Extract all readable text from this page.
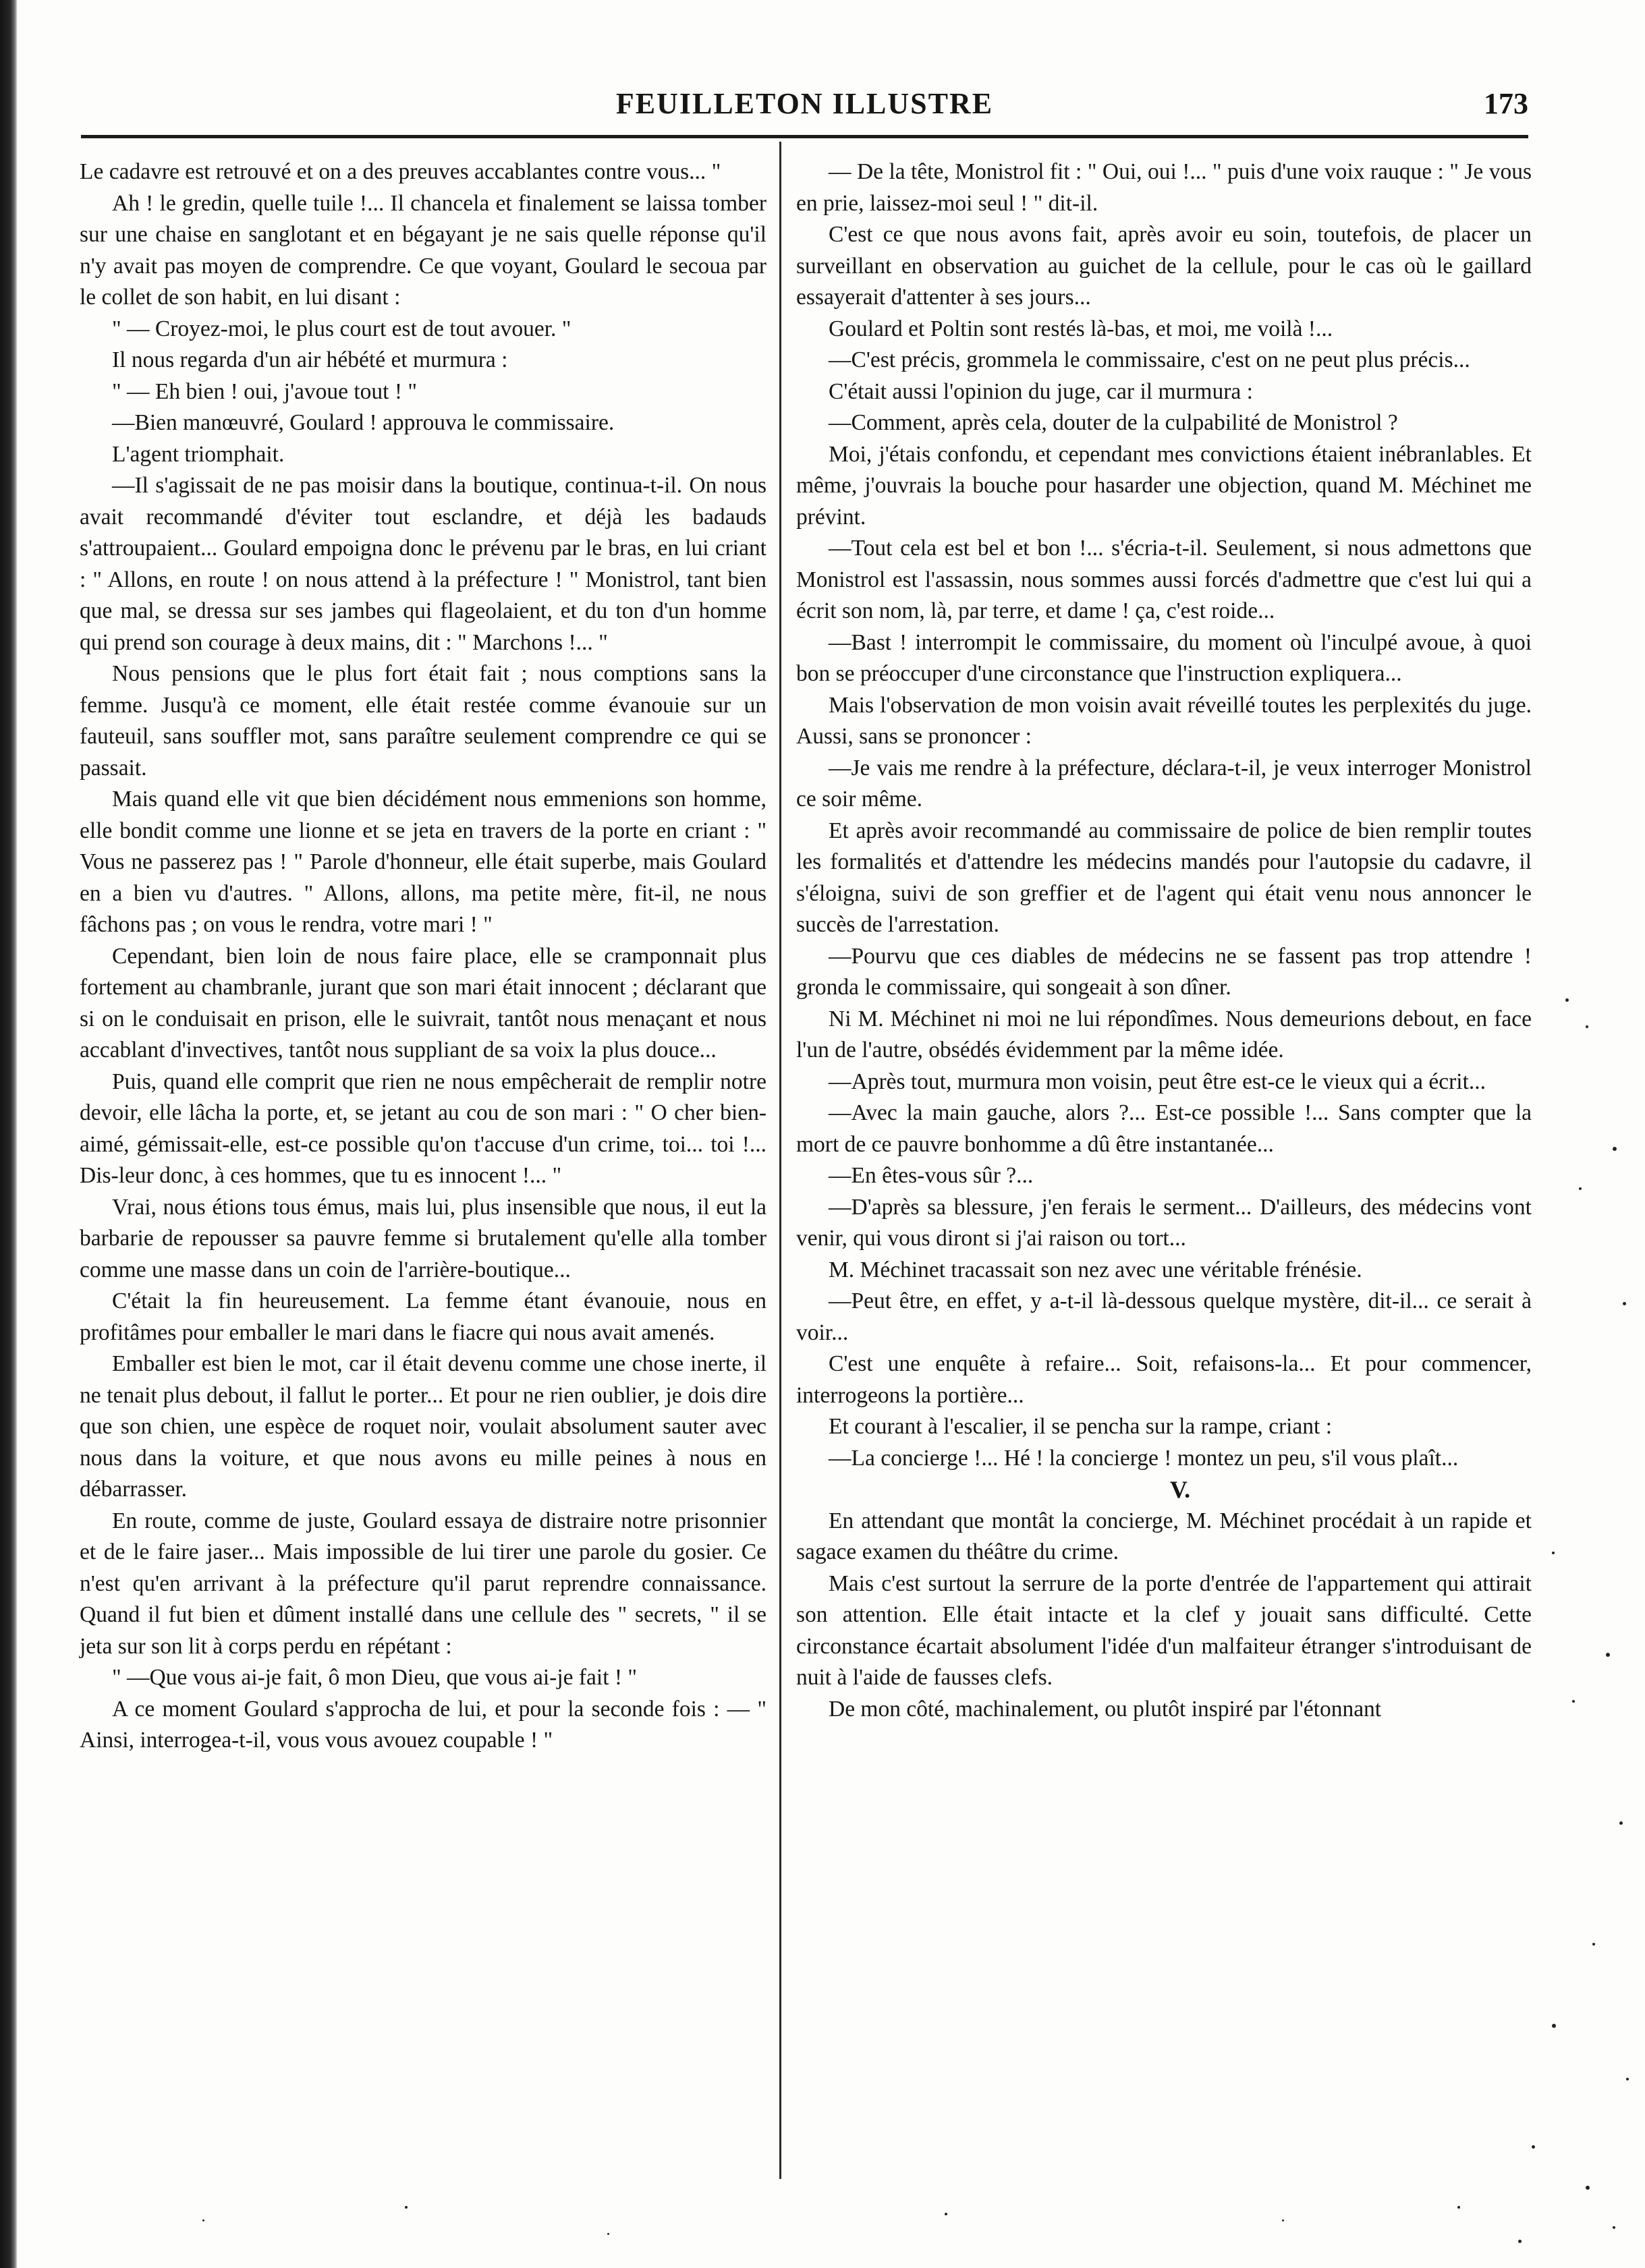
FEUILLETON ILLUSTRE	173

Le cadavre est retrouvé et on a des preuves accablantes contre vous... "

Ah ! le gredin, quelle tuile !... Il chancela et finalement se laissa tomber sur une chaise en sanglotant et en bégayant je ne sais quelle réponse qu'il n'y avait pas moyen de comprendre. Ce que voyant, Goulard le secoua par le collet de son habit, en lui disant :

" — Croyez-moi, le plus court est de tout avouer. "

Il nous regarda d'un air hébété et murmura :

" — Eh bien ! oui, j'avoue tout ! "

—Bien manœuvré, Goulard ! approuva le commissaire.

L'agent triomphait.

—Il s'agissait de ne pas moisir dans la boutique, continua-t-il. On nous avait recommandé d'éviter tout esclandre, et déjà les badauds s'attroupaient... Goulard empoigna donc le prévenu par le bras, en lui criant : " Allons, en route ! on nous attend à la préfecture ! " Monistrol, tant bien que mal, se dressa sur ses jambes qui flageolaient, et du ton d'un homme qui prend son courage à deux mains, dit : " Marchons !... "

Nous pensions que le plus fort était fait ; nous comptions sans la femme. Jusqu'à ce moment, elle était restée comme évanouie sur un fauteuil, sans souffler mot, sans paraître seulement comprendre ce qui se passait.

Mais quand elle vit que bien décidément nous emmenions son homme, elle bondit comme une lionne et se jeta en travers de la porte en criant : " Vous ne passerez pas ! " Parole d'honneur, elle était superbe, mais Goulard en a bien vu d'autres. " Allons, allons, ma petite mère, fit-il, ne nous fâchons pas ; on vous le rendra, votre mari ! "

Cependant, bien loin de nous faire place, elle se cramponnait plus fortement au chambranle, jurant que son mari était innocent ; déclarant que si on le conduisait en prison, elle le suivrait, tantôt nous menaçant et nous accablant d'invectives, tantôt nous suppliant de sa voix la plus douce...

Puis, quand elle comprit que rien ne nous empêcherait de remplir notre devoir, elle lâcha la porte, et, se jetant au cou de son mari : " O cher bien-aimé, gémissait-elle, est-ce possible qu'on t'accuse d'un crime, toi... toi !... Dis-leur donc, à ces hommes, que tu es innocent !... "

Vrai, nous étions tous émus, mais lui, plus insensible que nous, il eut la barbarie de repousser sa pauvre femme si brutalement qu'elle alla tomber comme une masse dans un coin de l'arrière-boutique...

C'était la fin heureusement. La femme étant évanouie, nous en profitâmes pour emballer le mari dans le fiacre qui nous avait amenés.

Emballer est bien le mot, car il était devenu comme une chose inerte, il ne tenait plus debout, il fallut le porter... Et pour ne rien oublier, je dois dire que son chien, une espèce de roquet noir, voulait absolument sauter avec nous dans la voiture, et que nous avons eu mille peines à nous en débarrasser.

En route, comme de juste, Goulard essaya de distraire notre prisonnier et de le faire jaser... Mais impossible de lui tirer une parole du gosier. Ce n'est qu'en arrivant à la préfecture qu'il parut reprendre connaissance. Quand il fut bien et dûment installé dans une cellule des " secrets, " il se jeta sur son lit à corps perdu en répétant :

" —Que vous ai-je fait, ô mon Dieu, que vous ai-je fait ! "

A ce moment Goulard s'approcha de lui, et pour la seconde fois : — " Ainsi, interrogea-t-il, vous vous avouez coupable ! "

— De la tête, Monistrol fit : " Oui, oui !... " puis d'une voix rauque : " Je vous en prie, laissez-moi seul ! " dit-il.

C'est ce que nous avons fait, après avoir eu soin, toutefois, de placer un surveillant en observation au guichet de la cellule, pour le cas où le gaillard essayerait d'attenter à ses jours...

Goulard et Poltin sont restés là-bas, et moi, me voilà !...

—C'est précis, grommela le commissaire, c'est on ne peut plus précis...

C'était aussi l'opinion du juge, car il murmura :

—Comment, après cela, douter de la culpabilité de Monistrol ?

Moi, j'étais confondu, et cependant mes convictions étaient inébranlables. Et même, j'ouvrais la bouche pour hasarder une objection, quand M. Méchinet me prévint.

—Tout cela est bel et bon !... s'écria-t-il. Seulement, si nous admettons que Monistrol est l'assassin, nous sommes aussi forcés d'admettre que c'est lui qui a écrit son nom, là, par terre, et dame ! ça, c'est roide...

—Bast ! interrompit le commissaire, du moment où l'inculpé avoue, à quoi bon se préoccuper d'une circonstance que l'instruction expliquera...

Mais l'observation de mon voisin avait réveillé toutes les perplexités du juge. Aussi, sans se prononcer :

—Je vais me rendre à la préfecture, déclara-t-il, je veux interroger Monistrol ce soir même.

Et après avoir recommandé au commissaire de police de bien remplir toutes les formalités et d'attendre les médecins mandés pour l'autopsie du cadavre, il s'éloigna, suivi de son greffier et de l'agent qui était venu nous annoncer le succès de l'arrestation.

—Pourvu que ces diables de médecins ne se fassent pas trop attendre ! gronda le commissaire, qui songeait à son dîner.

Ni M. Méchinet ni moi ne lui répondîmes. Nous demeurions debout, en face l'un de l'autre, obsédés évidemment par la même idée.

—Après tout, murmura mon voisin, peut être est-ce le vieux qui a écrit...

—Avec la main gauche, alors ?... Est-ce possible !... Sans compter que la mort de ce pauvre bonhomme a dû être instantanée...

—En êtes-vous sûr ?...

—D'après sa blessure, j'en ferais le serment... D'ailleurs, des médecins vont venir, qui vous diront si j'ai raison ou tort...

M. Méchinet tracassait son nez avec une véritable frénésie.

—Peut être, en effet, y a-t-il là-dessous quelque mystère, dit-il... ce serait à voir...

C'est une enquête à refaire... Soit, refaisons-la... Et pour commencer, interrogeons la portière...

Et courant à l'escalier, il se pencha sur la rampe, criant :

—La concierge !... Hé ! la concierge ! montez un peu, s'il vous plaît...

V.

En attendant que montât la concierge, M. Méchinet procédait à un rapide et sagace examen du théâtre du crime.

Mais c'est surtout la serrure de la porte d'entrée de l'appartement qui attirait son attention. Elle était intacte et la clef y jouait sans difficulté. Cette circonstance écartait absolument l'idée d'un malfaiteur étranger s'introduisant de nuit à l'aide de fausses clefs.

De mon côté, machinalement, ou plutôt inspiré par l'étonnant
